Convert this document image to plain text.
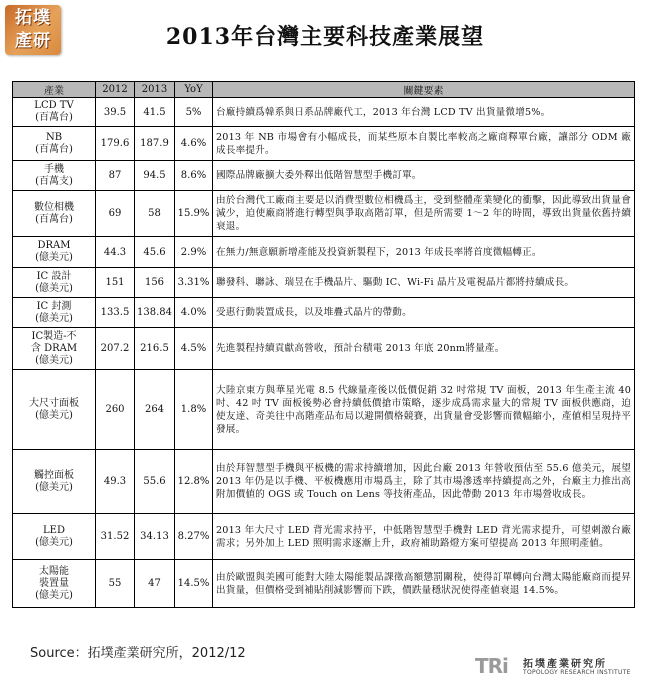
拓墣
產研	2013年台灣主要科技產業展望
產業	2012	2013	YoY	關鍵要素
LCD TV
(百萬台)	39.5	41.5	5%	台廠持續爲韓系與日系品牌廠代工，2013 年台灣 LCD TV 出貨量微增5%。
NB
(百萬台)	179.6	187.9	4.6%	2013 年 NB 市場會有小幅成長，而某些原本自製比率較高之廠商釋單台廠，讓部分 ODM 廠成長率提升。
手機
(百萬支)	87	94.5	8.6%	國際品牌廠擴大委外釋出低階智慧型手機訂單。
數位相機
(百萬台)	69	58	15.9%	由於台灣代工廠商主要是以消費型數位相機爲主，受到整體產業變化的衝擊，因此導致出貨量會減少，迫使廠商將進行轉型與爭取高階訂單，但是所需要 1～2 年的時間，導致出貨量依舊持續衰退。
DRAM
(億美元)	44.3	45.6	2.9%	在無力/無意願新增產能及投資新製程下，2013 年成長率將首度微幅轉正。
IC 設計
(億美元)	151	156	3.31%	聯發科、聯詠、瑞昱在手機晶片、驅動 IC、Wi-Fi 晶片及電視晶片都將持續成長。
IC 封測
(億美元)	133.5	138.84	4.0%	受惠行動裝置成長，以及堆疊式晶片的帶動。
IC製造-不
含 DRAM
(億美元)	207.2	216.5	4.5%	先進製程持續貢獻高營收，預計台積電 2013 年底 20nm將量產。
大尺寸面板
(億美元)	260	264	1.8%	大陸京東方與華星光電 8.5 代線量產後以低價促銷 32 吋常規 TV 面板，2013 年生產主流 40 吋、42 吋 TV 面板後勢必會持續低價搶市策略，逐步成爲需求量大的常規 TV 面板供應商，迫使友達、奇美往中高階產品布局以避開價格競賽，出貨量會受影響而微幅縮小，產値相呈現持平發展。
觸控面板
(億美元)	49.3	55.6	12.8%	由於拜智慧型手機與平板機的需求持續增加，因此台廠 2013 年營收預估至 55.6 億美元，展望 2013 年仍是以手機、平板機應用市場爲主，除了其市場滲透率持續提高之外，台廠主力推出高附加價値的 OGS 或 Touch on Lens 等技術產品，因此帶動 2013 年市場營收成長。
LED
(億美元)	31.52	34.13	8.27%	2013 年大尺寸 LED 背光需求持平，中低階智慧型手機對 LED 背光需求提升，可望刺激台廠需求；另外加上 LED 照明需求逐漸上升，政府補助路燈方案可望提高 2013 年照明產値。
太陽能
裝置量
(億美元)	55	47	14.5%	由於歐盟與美國可能對大陸太陽能製品課徵高額懲罰關稅，使得訂單轉向台灣太陽能廠商而提昇出貨量，但價格受到補貼削減影響而下跌，價跌量穩狀況使得產値衰退 14.5%。
Source：拓墣產業研究所，2012/12
TRi 拓墣產業研究所
TOPOLOGY RESEARCH INSTITUTE
